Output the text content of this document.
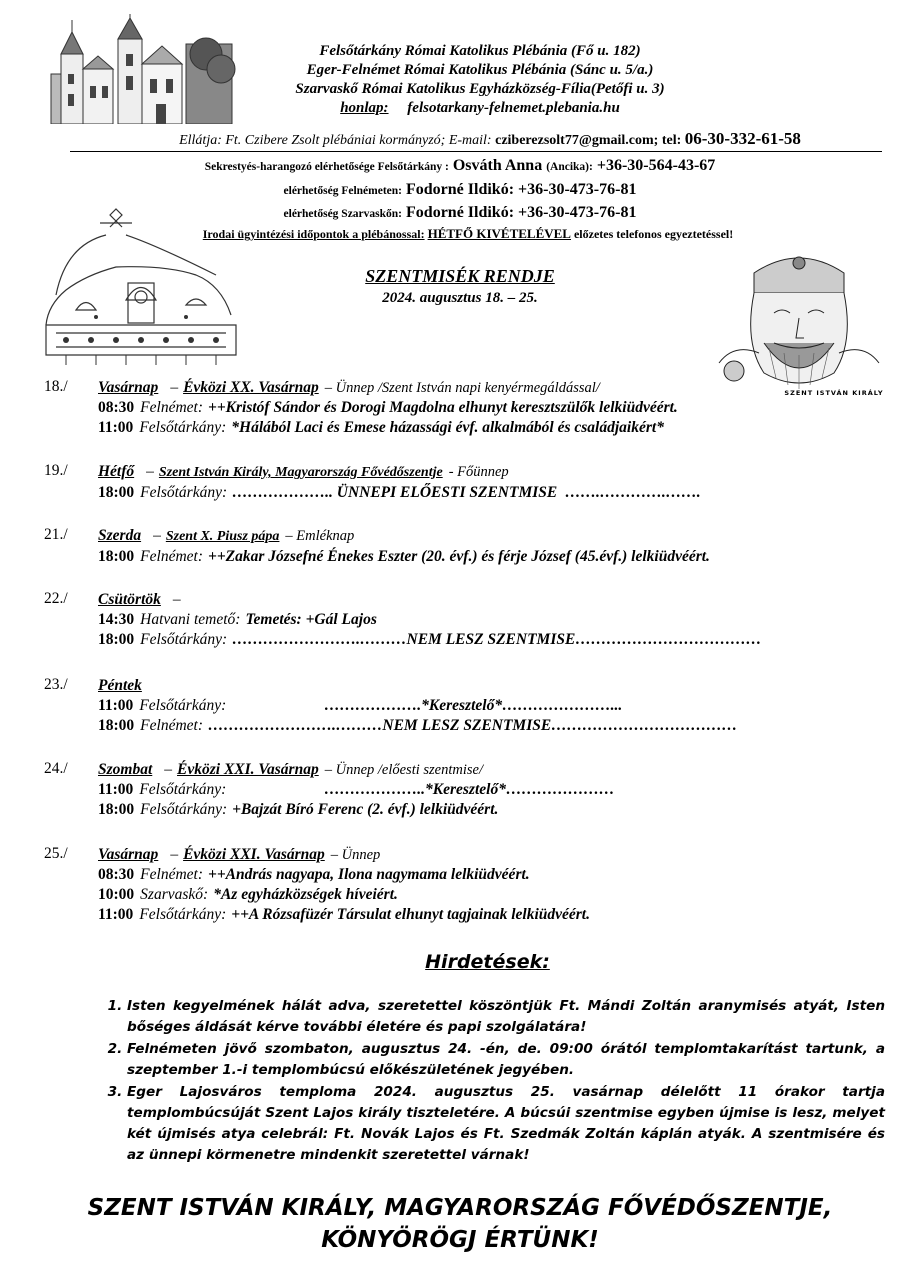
Felsőtárkány Római Katolikus Plébánia (Fő u. 182)
Eger-Felnémet Római Katolikus Plébánia (Sánc u. 5/a.)
Szarvaskő Római Katolikus Egyházközség-Fília(Petőfi u. 3)
honlap: felsotarkany-felnemet.plebania.hu
Ellátja: Ft. Czibere Zsolt plébániai kormányzó; E-mail: cziberezsolt77@gmail.com; tel: 06-30-332-61-58
Sekrestyés-harangozó elérhetősége Felsőtárkány : Osváth Anna (Ancika): +36-30-564-43-67
elérhetőség Felnémeten: Fodorné Ildikó: +36-30-473-76-81
elérhetőség Szarvaskőn: Fodorné Ildikó: +36-30-473-76-81
Irodai ügyintézési időpontok a plébánossal: HÉTFŐ KIVÉTELÉVEL előzetes telefonos egyeztetéssel!
SZENTMISÉK RENDJE
2024. augusztus 18. – 25.
SZENT ISTVÁN KIRÁLY
18./ Vasárnap – Évközi XX. Vasárnap – Ünnep /Szent István napi kenyérmegáldással/
08:30 Felnémet: ++Kristóf Sándor és Dorogi Magdolna elhunyt keresztszülők lelkiüdvéért.
11:00 Felsőtárkány: *Hálából Laci és Emese házassági évf. alkalmából és családjaikért*
19./ Hétfő – Szent István Király, Magyarország Fővédőszentje - Főünnep
18:00 Felsőtárkány: ……………….. ÜNNEPI ELŐESTI SZENTMISE  …….………….…….
21./ Szerda – Szent X. Piusz pápa – Emléknap
18:00 Felnémet: ++Zakar Józsefné Énekes Eszter (20. évf.) és férje József (45.évf.) lelkiüdvéért.
22./ Csütörtök –
14:30 Hatvani temető: Temetés: +Gál Lajos
18:00 Felsőtárkány: …………………….………NEM LESZ SZENTMISE………………………………
23./ Péntek
11:00 Felsőtárkány:                        ……………….*Keresztelő*…………………...
18:00 Felnémet: …………………….………NEM LESZ SZENTMISE………………………………
24./ Szombat – Évközi XXI. Vasárnap – Ünnep /előesti szentmise/
11:00 Felsőtárkány:                        ………………..*Keresztelő*…………………
18:00 Felsőtárkány: +Bajzát Bíró Ferenc (2. évf.) lelkiüdvéért.
25./ Vasárnap – Évközi XXI. Vasárnap – Ünnep
08:30 Felnémet: ++András nagyapa, Ilona nagymama lelkiüdvéért.
10:00 Szarvaskő: *Az egyházközségek híveiért.
11:00 Felsőtárkány: ++A Rózsafüzér Társulat elhunyt tagjainak lelkiüdvéért.
Hirdetések:
1. Isten kegyelmének hálát adva, szeretettel köszöntjük Ft. Mándi Zoltán aranymisés atyát, Isten bőséges áldását kérve további életére és papi szolgálatára!
2. Felnémeten jövő szombaton, augusztus 24. -én, de. 09:00 órától templomtakarítást tartunk, a szeptember 1.-i templombúcsú előkészületének jegyében.
3. Eger Lajosváros temploma 2024. augusztus 25. vasárnap délelőtt 11 órakor tartja templombúcsúját Szent Lajos király tiszteletére. A búcsúi szentmise egyben újmise is lesz, melyet két újmisés atya celebrál: Ft. Novák Lajos és Ft. Szedmák Zoltán káplán atyák. A szentmisére és az ünnepi körmenetre mindenkit szeretettel várnak!
SZENT ISTVÁN KIRÁLY, MAGYARORSZÁG FŐVÉDŐSZENTJE,
KÖNYÖRÖGJ ÉRTÜNK!
